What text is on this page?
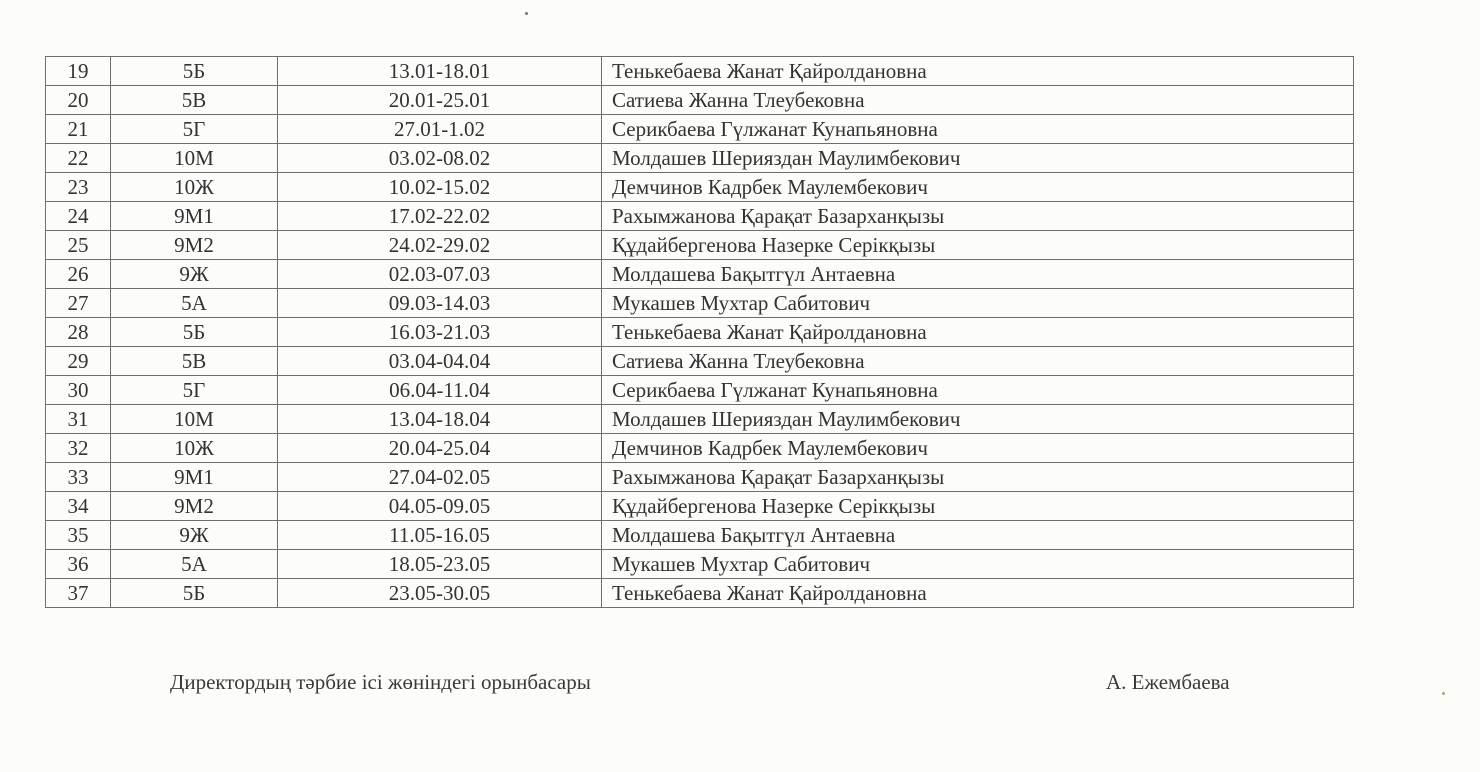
19	5Б	13.01-18.01	Тенькебаева Жанат Қайролдановна
20	5В	20.01-25.01	Сатиева Жанна Тлеубековна
21	5Г	27.01-1.02	Серикбаева Гүлжанат Кунапьяновна
22	10М	03.02-08.02	Молдашев Шерияздан Маулимбекович
23	10Ж	10.02-15.02	Демчинов Кадрбек Маулембекович
24	9М1	17.02-22.02	Рахымжанова Қарақат Базарханқызы
25	9М2	24.02-29.02	Құдайбергенова Назерке Серікқызы
26	9Ж	02.03-07.03	Молдашева Бақытгүл Антаевна
27	5А	09.03-14.03	Мукашев Мухтар Сабитович
28	5Б	16.03-21.03	Тенькебаева Жанат Қайролдановна
29	5В	03.04-04.04	Сатиева Жанна Тлеубековна
30	5Г	06.04-11.04	Серикбаева Гүлжанат Кунапьяновна
31	10М	13.04-18.04	Молдашев Шерияздан Маулимбекович
32	10Ж	20.04-25.04	Демчинов Кадрбек Маулембекович
33	9М1	27.04-02.05	Рахымжанова Қарақат Базарханқызы
34	9М2	04.05-09.05	Құдайбергенова Назерке Серікқызы
35	9Ж	11.05-16.05	Молдашева Бақытгүл Антаевна
36	5А	18.05-23.05	Мукашев Мухтар Сабитович
37	5Б	23.05-30.05	Тенькебаева Жанат Қайролдановна
Директордың тәрбие ісі жөніндегі орынбасары	А. Ежембаева
